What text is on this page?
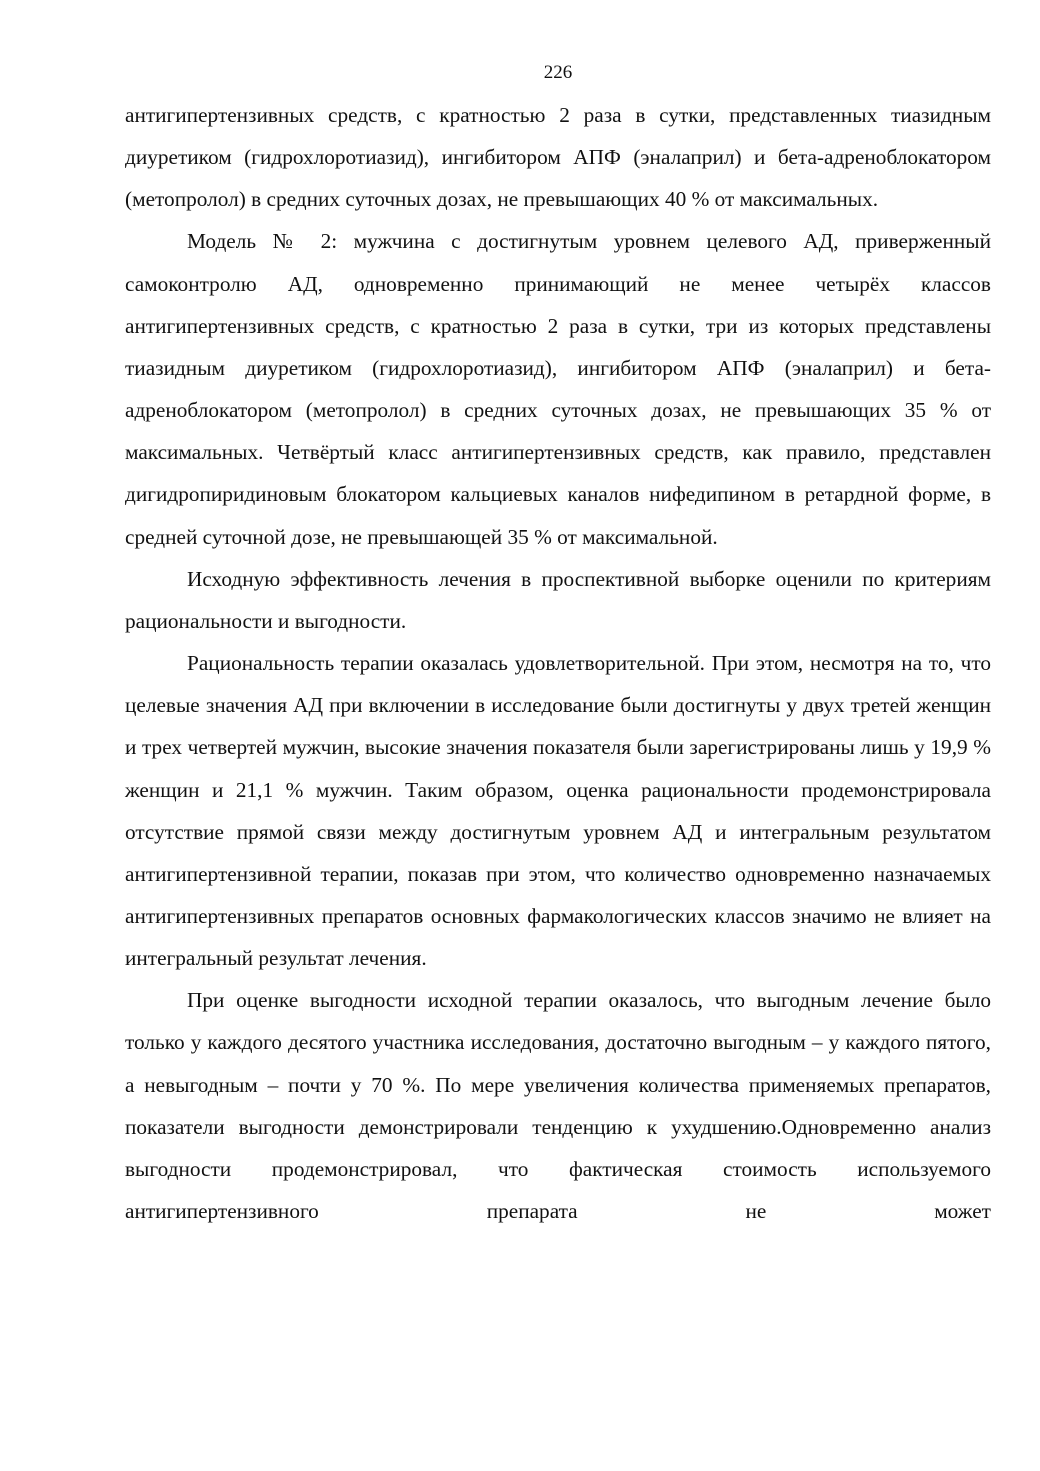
226

антигипертензивных средств, с кратностью 2 раза в сутки, представленных тиазидным диуретиком (гидрохлоротиазид), ингибитором АПФ (эналаприл) и бета-адреноблокатором (метопролол) в средних суточных дозах, не превышающих 40 % от максимальных.

Модель № 2: мужчина с достигнутым уровнем целевого АД, приверженный самоконтролю АД, одновременно принимающий не менее четырёх классов антигипертензивных средств, с кратностью 2 раза в сутки, три из которых представлены тиазидным диуретиком (гидрохлоротиазид), ингибитором АПФ (эналаприл) и бета-адреноблокатором (метопролол) в средних суточных дозах, не превышающих 35 % от максимальных. Четвёртый класс антигипертензивных средств, как правило, представлен дигидропиридиновым блокатором кальциевых каналов нифедипином в ретардной форме, в средней суточной дозе, не превышающей 35 % от максимальной.

Исходную эффективность лечения в проспективной выборке оценили по критериям рациональности и выгодности.

Рациональность терапии оказалась удовлетворительной. При этом, несмотря на то, что целевые значения АД при включении в исследование были достигнуты у двух третей женщин и трех четвертей мужчин, высокие значения показателя были зарегистрированы лишь у 19,9 % женщин и 21,1 % мужчин. Таким образом, оценка рациональности продемонстрировала отсутствие прямой связи между достигнутым уровнем АД и интегральным результатом антигипертензивной терапии, показав при этом, что количество одновременно назначаемых антигипертензивных препаратов основных фармакологических классов значимо не влияет на интегральный результат лечения.

При оценке выгодности исходной терапии оказалось, что выгодным лечение было только у каждого десятого участника исследования, достаточно выгодным – у каждого пятого, а невыгодным – почти у 70 %. По мере увеличения количества применяемых препаратов, показатели выгодности демонстрировали тенденцию к ухудшению.Одновременно анализ выгодности продемонстрировал, что фактическая стоимость используемого антигипертензивного препарата не может
